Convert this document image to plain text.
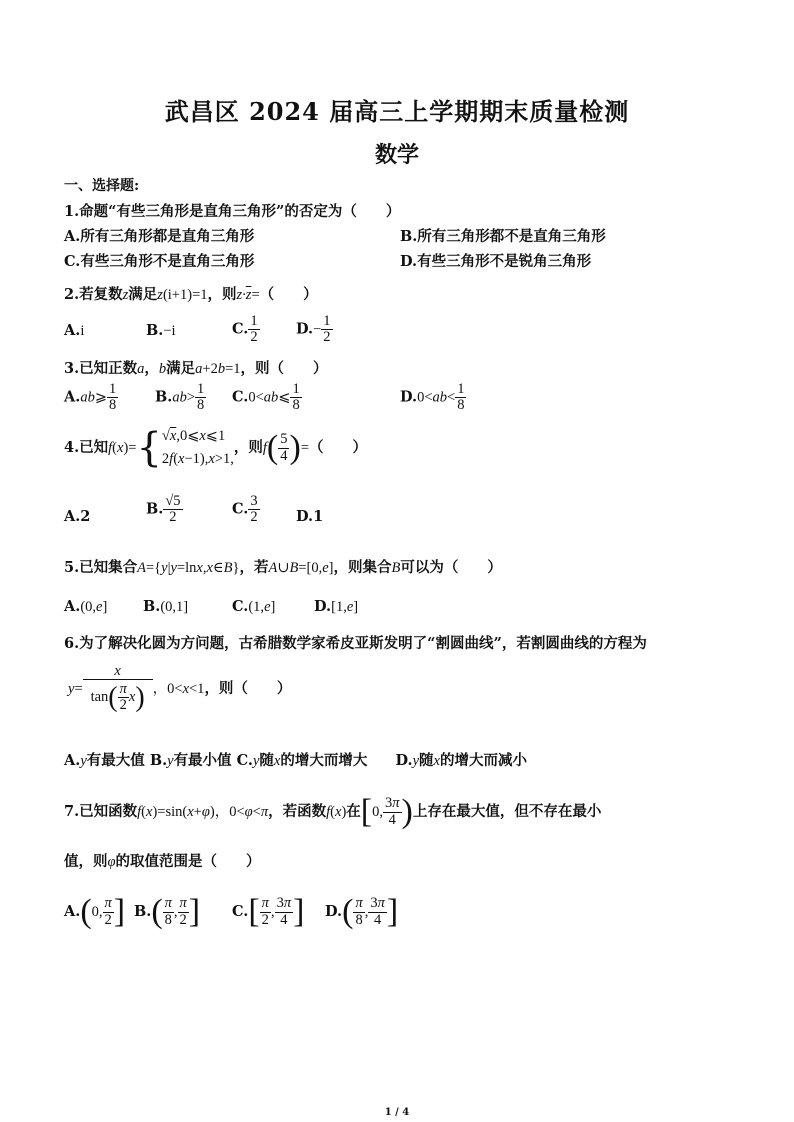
武昌区 2024 届高三上学期期末质量检测
数学
一、选择题:
1.命题“有些三角形是直角三角形”的否定为（　　）
A.所有三角形都是直角三角形	B.所有三角形都不是直角三角形
C.有些三角形不是直角三角形	D.有些三角形不是锐角三角形
2.若复数z满足z(i+1)=1，则$z\cdot\overline{z}=$（　　）
A.i	B.−i	C. $\frac{1}{2}$	$D.- \frac{1}{2}$
3.已知正数a，b满足a+2b=1，则（　　）
A.ab⩾ $\frac{1}{8}$	$B.ab> \frac{1}{8}$ C.0<ab⩽ $\frac{1}{8}$	$D.0<ab< \frac{1}{8}$
4.已知f(x)={ √x,0⩽x⩽1
2f(x−1),x>1,
，则$f( \frac{5}{4}$ )=（　　）
A.2	B. $\frac{√5}{2}$	C. $\frac{3}{2}$	D.1
5.已知集合A={y|y=lnx,x∈B}，若A∪B=[0,e]，则集合B可以为（　　）
A.(0,e] B.(0,1]	C.(1,e]	D.[1,e]
6.为了解决化圆为方问题，古希腊数学家希皮亚斯发明了“割圆曲线”，若割圆曲线的方程为
$y= \frac{x}{\tan( \frac{\pi}{2} x)}$ ，0<x<1，则（　　）
A.y有最大值 B.y有最小值 C.y随x的增大而增大 D.y随x的增大而减小
7.已知函数f(x)=sin(x+φ)，0<φ<π，若函数f(x)在[0, $\frac{3\pi}{4}$ )上存在最大值，但不存在最小
值，则φ的取值范围是（　　）
A.(0, $\frac{\pi}{2}$ ] $B.( \frac{\pi}{8}$ , $\frac{\pi}{2}$ ] $C.[ \frac{\pi}{2}$ , $\frac{3\pi}{4}$ ] $D.( \frac{\pi}{8}$ , $\frac{3\pi}{4}$ ]
1 / 4
